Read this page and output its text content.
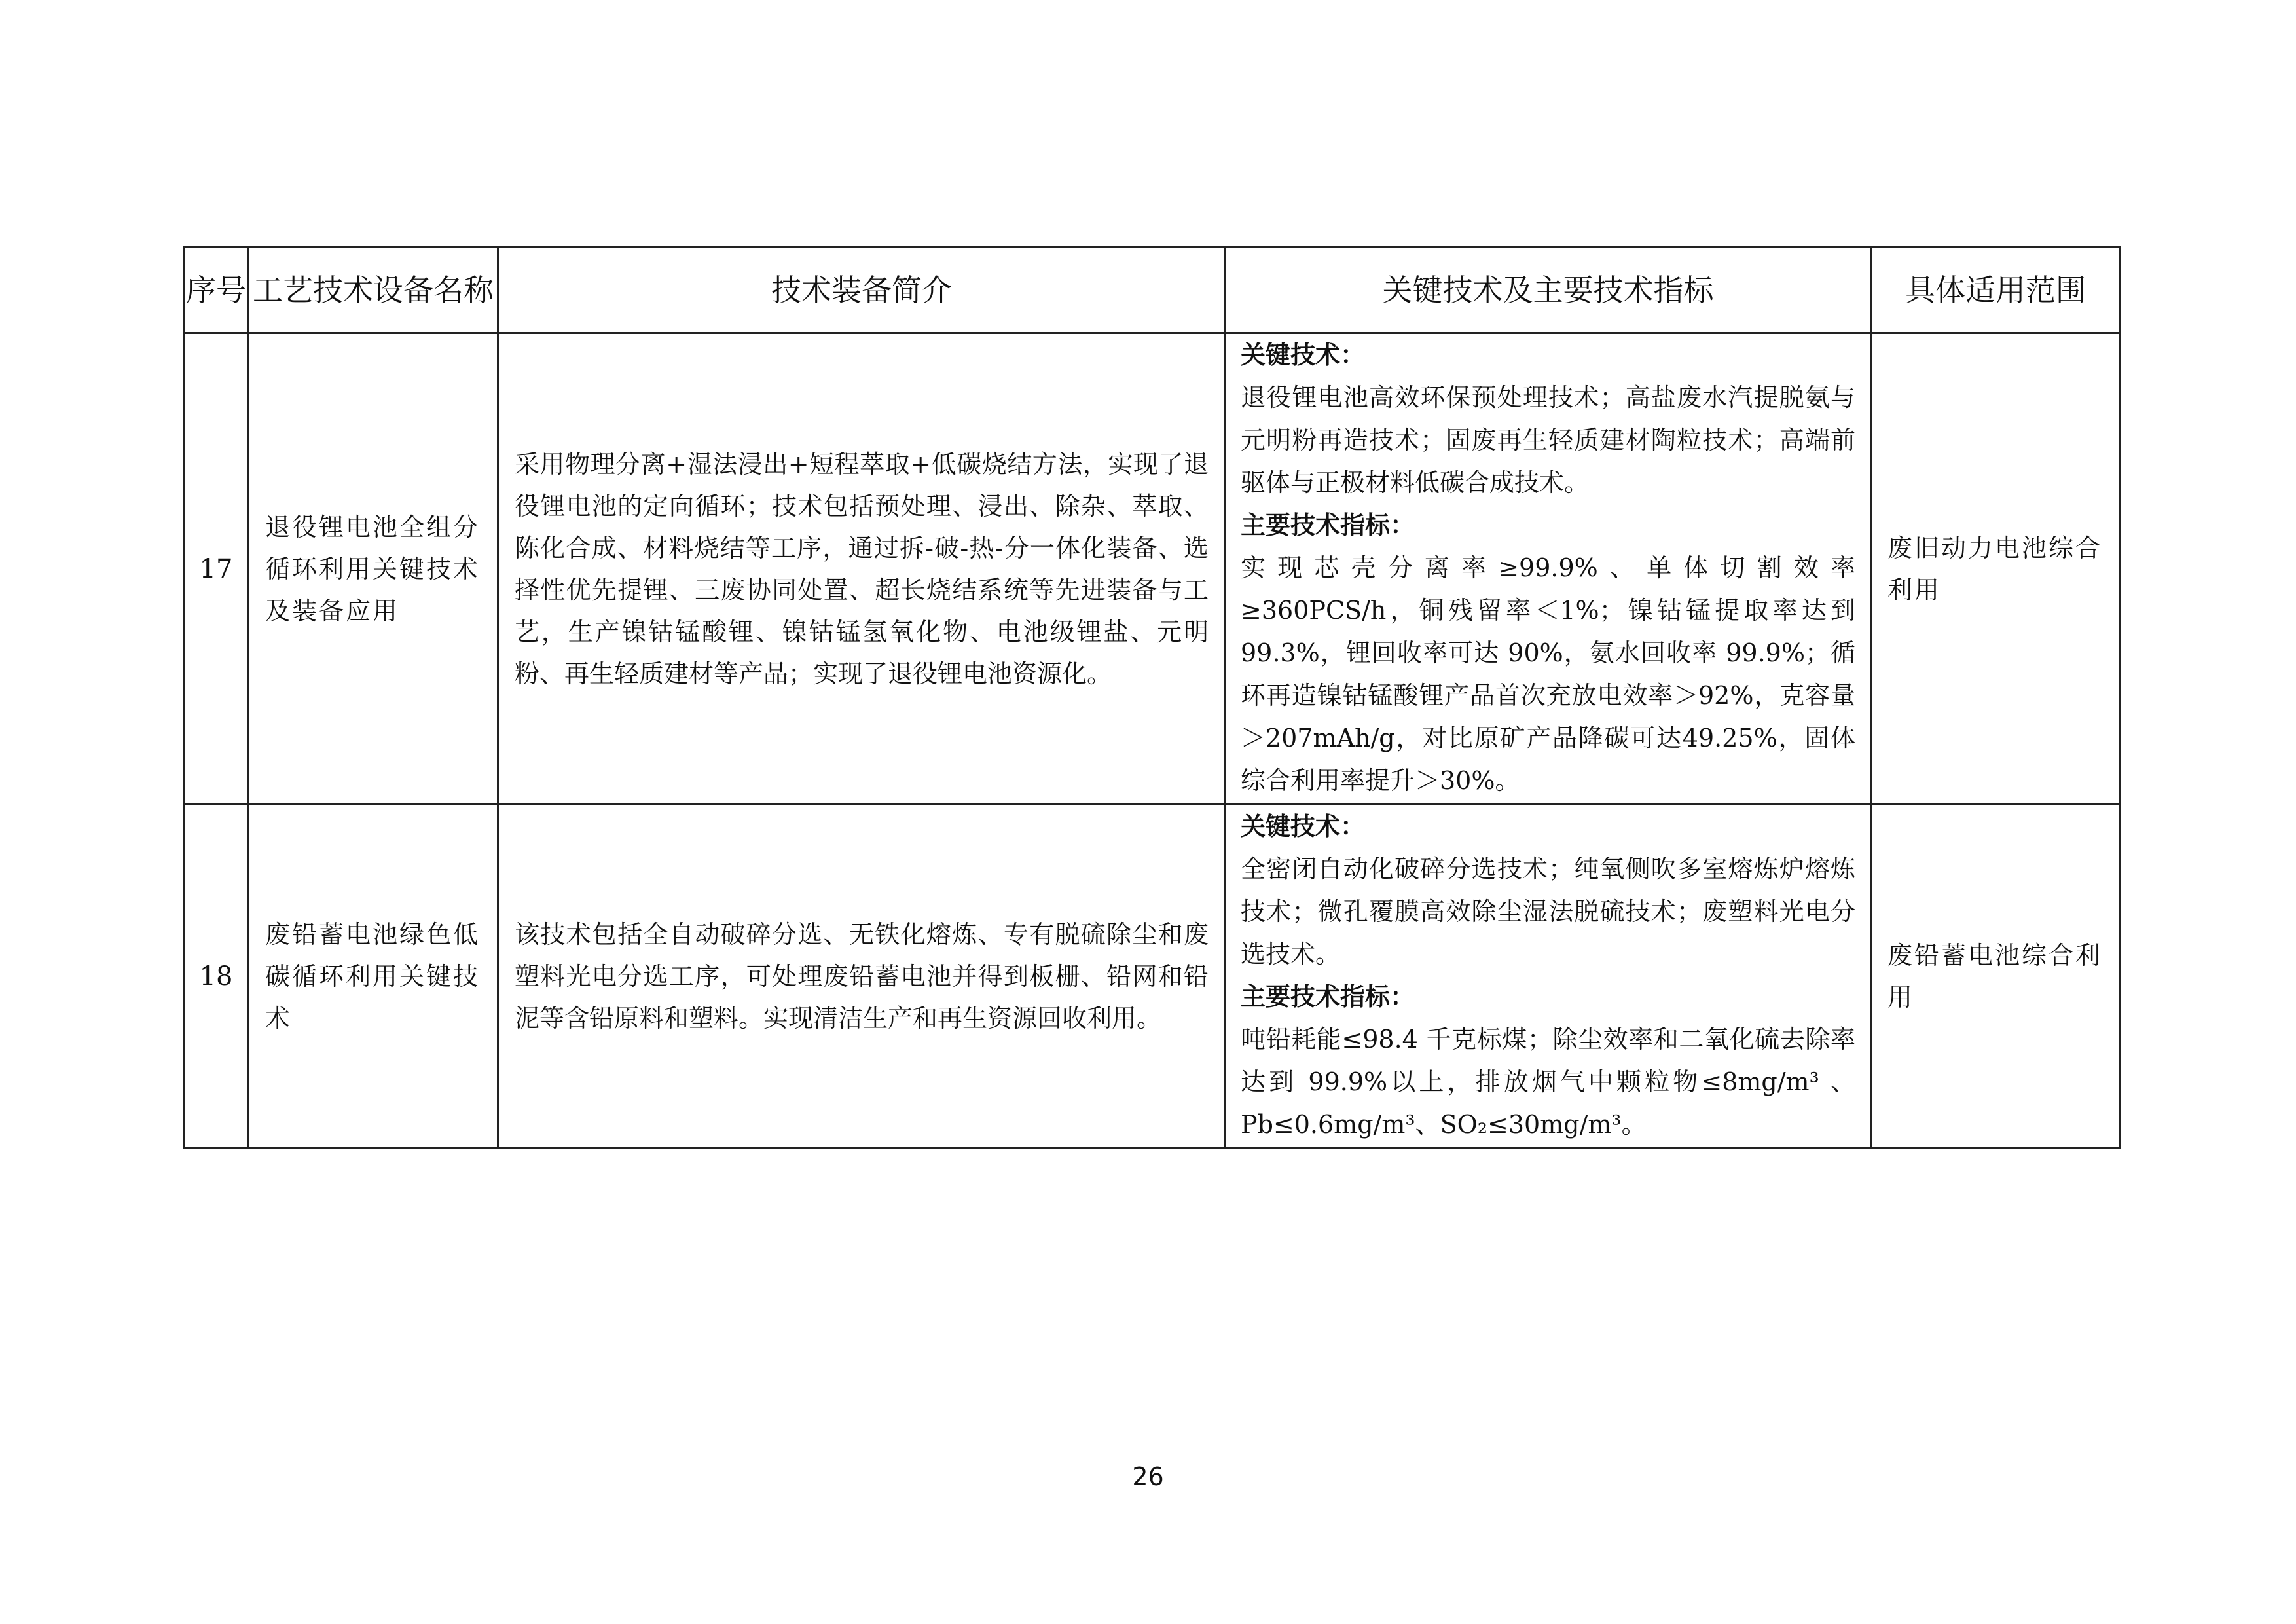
序号	工艺技术设备名称	技术装备简介	关键技术及主要技术指标	具体适用范围
17	退役锂电池全组分循环利用关键技术及装备应用	采用物理分离+湿法浸出+短程萃取+低碳烧结方法，实现了退役锂电池的定向循环；技术包括预处理、浸出、除杂、萃取、陈化合成、材料烧结等工序，通过拆-破-热-分一体化装备、选择性优先提锂、三废协同处置、超长烧结系统等先进装备与工艺，生产镍钴锰酸锂、镍钴锰氢氧化物、电池级锂盐、元明粉、再生轻质建材等产品；实现了退役锂电池资源化。	关键技术：
退役锂电池高效环保预处理技术；高盐废水汽提脱氨与元明粉再造技术；固废再生轻质建材陶粒技术；高端前驱体与正极材料低碳合成技术。
主要技术指标：
实现芯壳分离率≥99.9%、单体切割效率≥360PCS/h，铜残留率＜1%；镍钴锰提取率达到99.3%，锂回收率可达 90%，氨水回收率 99.9%；循环再造镍钴锰酸锂产品首次充放电效率＞92%，克容量＞207mAh/g，对比原矿产品降碳可达49.25%，固体综合利用率提升＞30%。	废旧动力电池综合利用
18	废铅蓄电池绿色低碳循环利用关键技术	该技术包括全自动破碎分选、无铁化熔炼、专有脱硫除尘和废塑料光电分选工序，可处理废铅蓄电池并得到板栅、铅网和铅泥等含铅原料和塑料。实现清洁生产和再生资源回收利用。	关键技术：
全密闭自动化破碎分选技术；纯氧侧吹多室熔炼炉熔炼技术；微孔覆膜高效除尘湿法脱硫技术；废塑料光电分选技术。
主要技术指标：
吨铅耗能≤98.4 千克标煤；除尘效率和二氧化硫去除率达到 99.9%以上，排放烟气中颗粒物≤8mg/m³ 、Pb≤0.6mg/m³、SO₂≤30mg/m³。	废铅蓄电池综合利用
26
